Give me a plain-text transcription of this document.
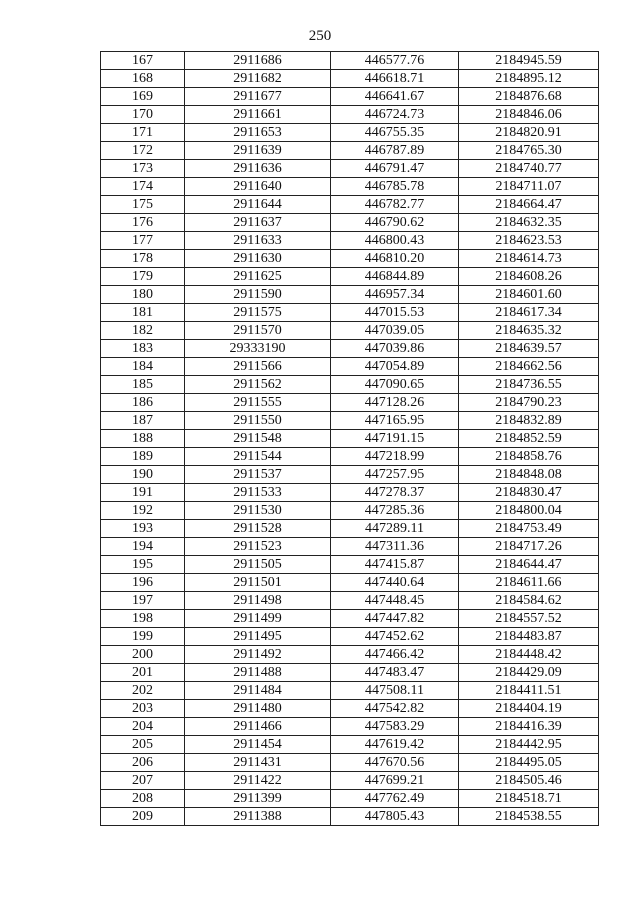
250
167	2911686	446577.76	2184945.59
168	2911682	446618.71	2184895.12
169	2911677	446641.67	2184876.68
170	2911661	446724.73	2184846.06
171	2911653	446755.35	2184820.91
172	2911639	446787.89	2184765.30
173	2911636	446791.47	2184740.77
174	2911640	446785.78	2184711.07
175	2911644	446782.77	2184664.47
176	2911637	446790.62	2184632.35
177	2911633	446800.43	2184623.53
178	2911630	446810.20	2184614.73
179	2911625	446844.89	2184608.26
180	2911590	446957.34	2184601.60
181	2911575	447015.53	2184617.34
182	2911570	447039.05	2184635.32
183	29333190	447039.86	2184639.57
184	2911566	447054.89	2184662.56
185	2911562	447090.65	2184736.55
186	2911555	447128.26	2184790.23
187	2911550	447165.95	2184832.89
188	2911548	447191.15	2184852.59
189	2911544	447218.99	2184858.76
190	2911537	447257.95	2184848.08
191	2911533	447278.37	2184830.47
192	2911530	447285.36	2184800.04
193	2911528	447289.11	2184753.49
194	2911523	447311.36	2184717.26
195	2911505	447415.87	2184644.47
196	2911501	447440.64	2184611.66
197	2911498	447448.45	2184584.62
198	2911499	447447.82	2184557.52
199	2911495	447452.62	2184483.87
200	2911492	447466.42	2184448.42
201	2911488	447483.47	2184429.09
202	2911484	447508.11	2184411.51
203	2911480	447542.82	2184404.19
204	2911466	447583.29	2184416.39
205	2911454	447619.42	2184442.95
206	2911431	447670.56	2184495.05
207	2911422	447699.21	2184505.46
208	2911399	447762.49	2184518.71
209	2911388	447805.43	2184538.55
